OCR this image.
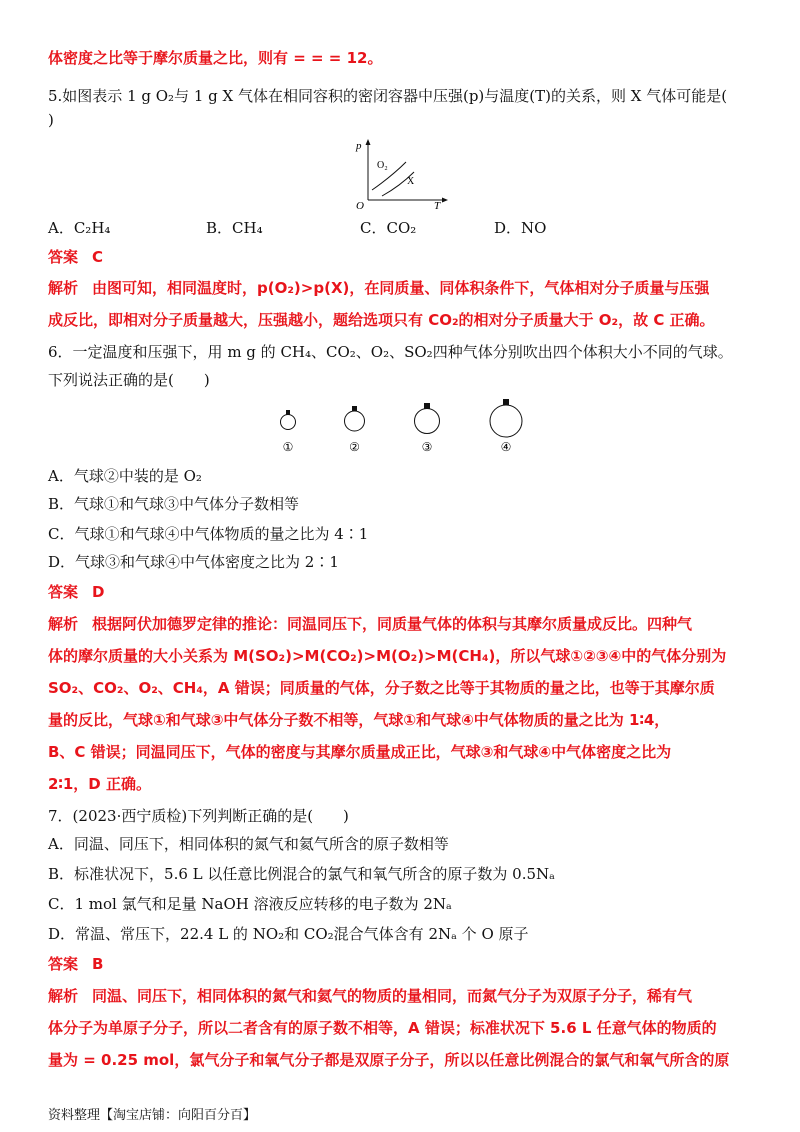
体密度之比等于摩尔质量之比，则有 = = = 12。
5.如图表示 1 g O₂与 1 g X 气体在相同容积的密闭容器中压强(p)与温度(T)的关系，则 X 气体可能是(
)
p
T
O
O₂
X
A．C₂H₄	B．CH₄	C．CO₂	D．NO
答案 C
解析 由图可知，相同温度时，p(O₂)>p(X)，在同质量、同体积条件下，气体相对分子质量与压强
成反比，即相对分子质量越大，压强越小，题给选项只有 CO₂的相对分子质量大于 O₂，故 C 正确。
6．一定温度和压强下，用 m g 的 CH₄、CO₂、O₂、SO₂四种气体分别吹出四个体积大小不同的气球。
下列说法正确的是(　　)
①	②	③	④
A．气球②中装的是 O₂
B．气球①和气球③中气体分子数相等
C．气球①和气球④中气体物质的量之比为 4∶1
D．气球③和气球④中气体密度之比为 2∶1
答案 D
解析 根据阿伏加德罗定律的推论：同温同压下，同质量气体的体积与其摩尔质量成反比。四种气
体的摩尔质量的大小关系为 M(SO₂)>M(CO₂)>M(O₂)>M(CH₄)，所以气球①②③④中的气体分别为
SO₂、CO₂、O₂、CH₄，A 错误；同质量的气体，分子数之比等于其物质的量之比，也等于其摩尔质
量的反比，气球①和气球③中气体分子数不相等，气球①和气球④中气体物质的量之比为 1∶4，
B、C 错误；同温同压下，气体的密度与其摩尔质量成正比，气球③和气球④中气体密度之比为
2∶1，D 正确。
7．(2023·西宁质检)下列判断正确的是(　　)
A．同温、同压下，相同体积的氮气和氦气所含的原子数相等
B．标准状况下，5.6 L 以任意比例混合的氯气和氧气所含的原子数为 0.5Nₐ
C．1 mol 氯气和足量 NaOH 溶液反应转移的电子数为 2Nₐ
D．常温、常压下，22.4 L 的 NO₂和 CO₂混合气体含有 2Nₐ 个 O 原子
答案 B
解析 同温、同压下，相同体积的氮气和氦气的物质的量相同，而氮气分子为双原子分子，稀有气
体分子为单原子分子，所以二者含有的原子数不相等，A 错误；标准状况下 5.6 L 任意气体的物质的
量为 = 0.25 mol，氯气分子和氧气分子都是双原子分子，所以以任意比例混合的氯气和氧气所含的原
资料整理【淘宝店铺：向阳百分百】
